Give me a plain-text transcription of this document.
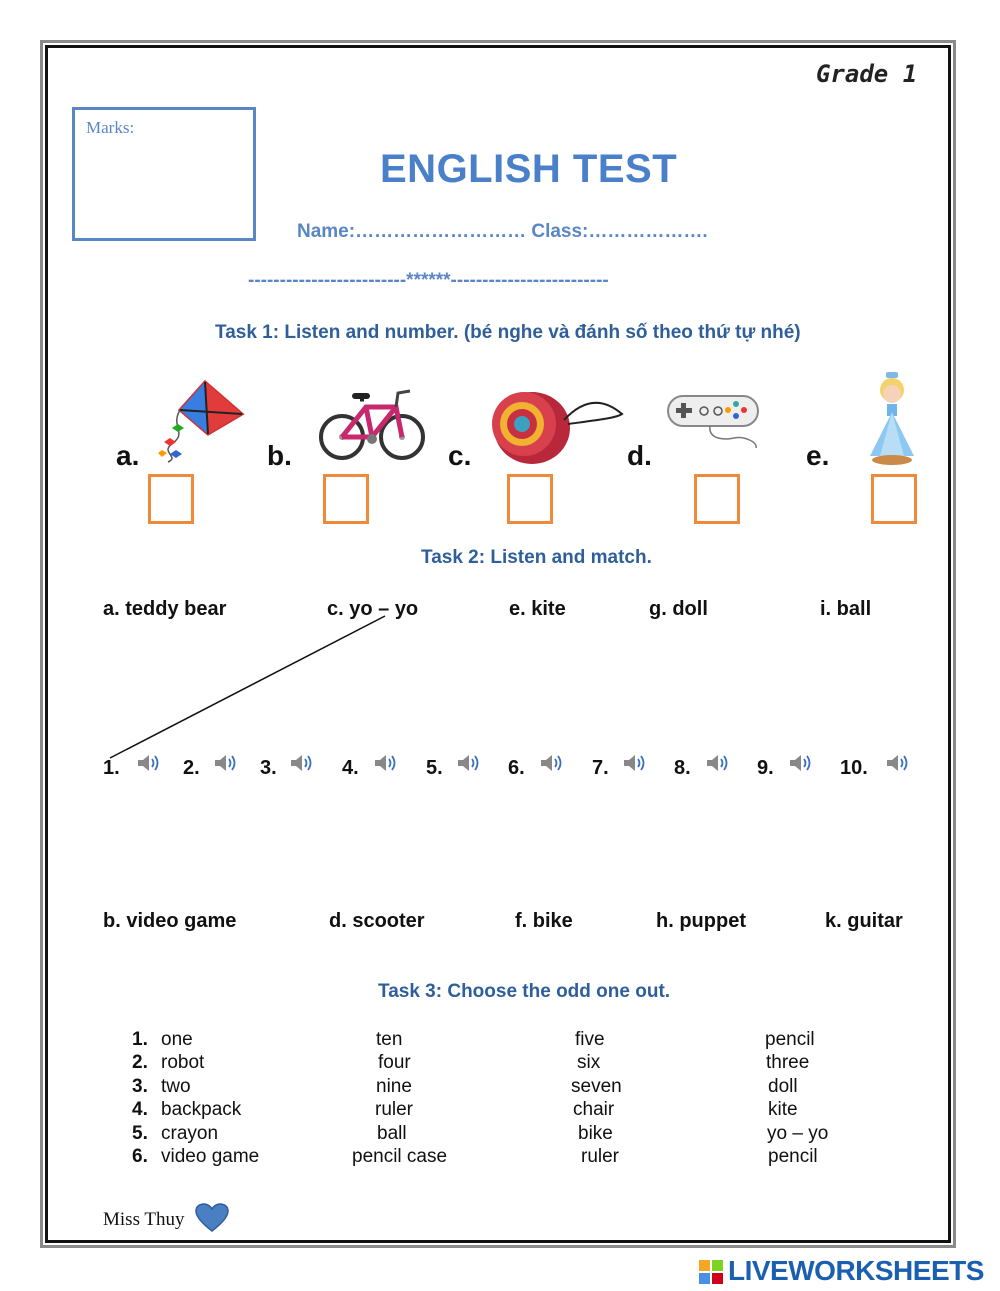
Grade 1
Marks:
ENGLISH TEST
Name:……………………… Class:……………….
-------------------------******-------------------------
Task 1: Listen and number. (bé nghe và đánh số theo thứ tự nhé)
a.	b.	c.	d.	e.
Task 2: Listen and match.
a. teddy bear	c. yo – yo	e. kite	g. doll	i. ball
1.	2.	3.	4.	5.	6.	7.	8.	9.	10.
b. video game	d. scooter	f. bike	h. puppet	k. guitar
Task 3: Choose the odd one out.
1. one	ten	five	pencil
2. robot	four	six	three
3. two	nine	seven	doll
4. backpack	ruler	chair	kite
5. crayon	ball	bike	yo – yo
6. video game	pencil case	ruler	pencil
Miss Thuy
LIVEWORKSHEETS
